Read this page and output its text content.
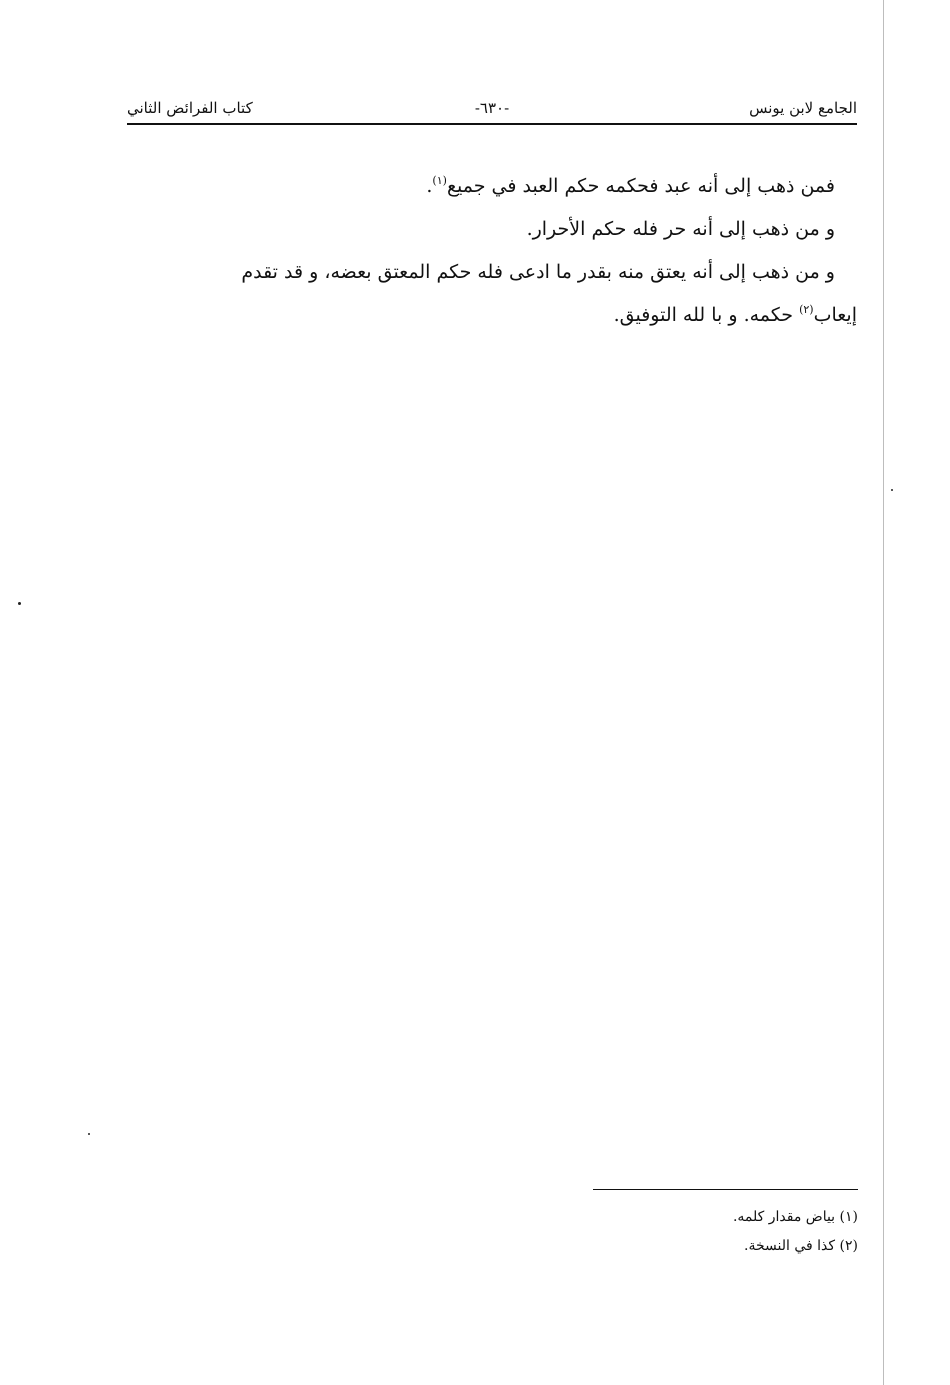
الجامع لابن يونس
-٦٣٠-
كتاب الفرائض الثاني

فمن ذهب إلى أنه عبد فحكمه حكم العبد في جميع$^{(١)}$.

و من ذهب إلى أنه حر فله حكم الأحرار.

و من ذهب إلى أنه يعتق منه بقدر ما ادعى فله حكم المعتق بعضه، و قد تقدم

إيعاب$^{(٢)}$ حكمه. و با لله التوفيق.

(١) بياض مقدار كلمه.
(٢) كذا في النسخة.
